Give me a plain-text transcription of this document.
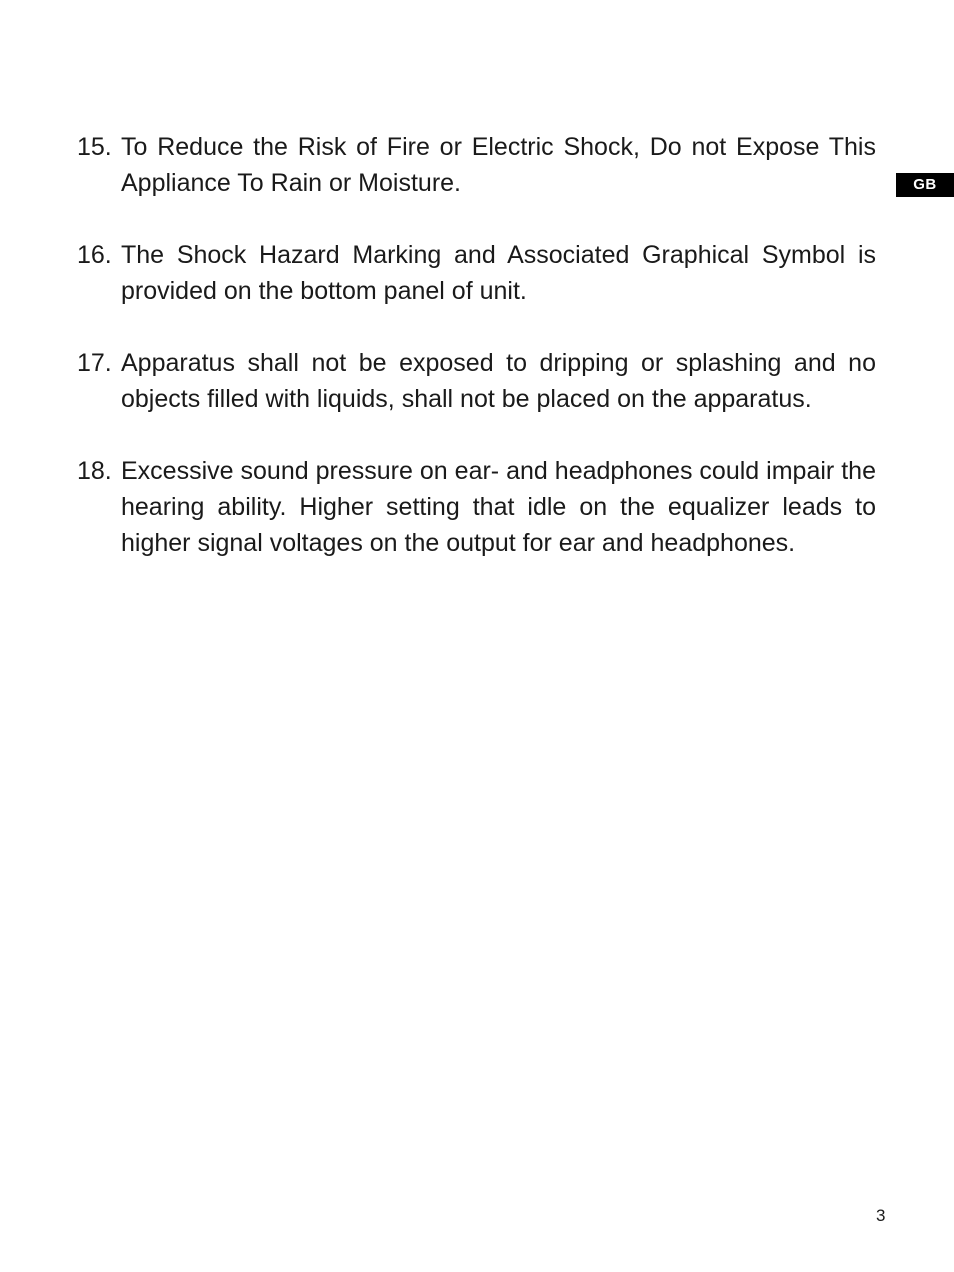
GB
15. To Reduce the Risk of Fire or Electric Shock, Do not Expose This Appliance To Rain or Moisture.
16. The Shock Hazard Marking and Associated Graphical Symbol is provided on the bottom panel of unit.
17. Apparatus shall not be exposed to dripping or splashing and no objects filled with liquids, shall not be placed on the apparatus.
18. Excessive sound pressure on ear- and headphones could impair the hearing ability. Higher setting that idle on the equalizer leads to higher signal voltages on the output for ear and headphones.
3
